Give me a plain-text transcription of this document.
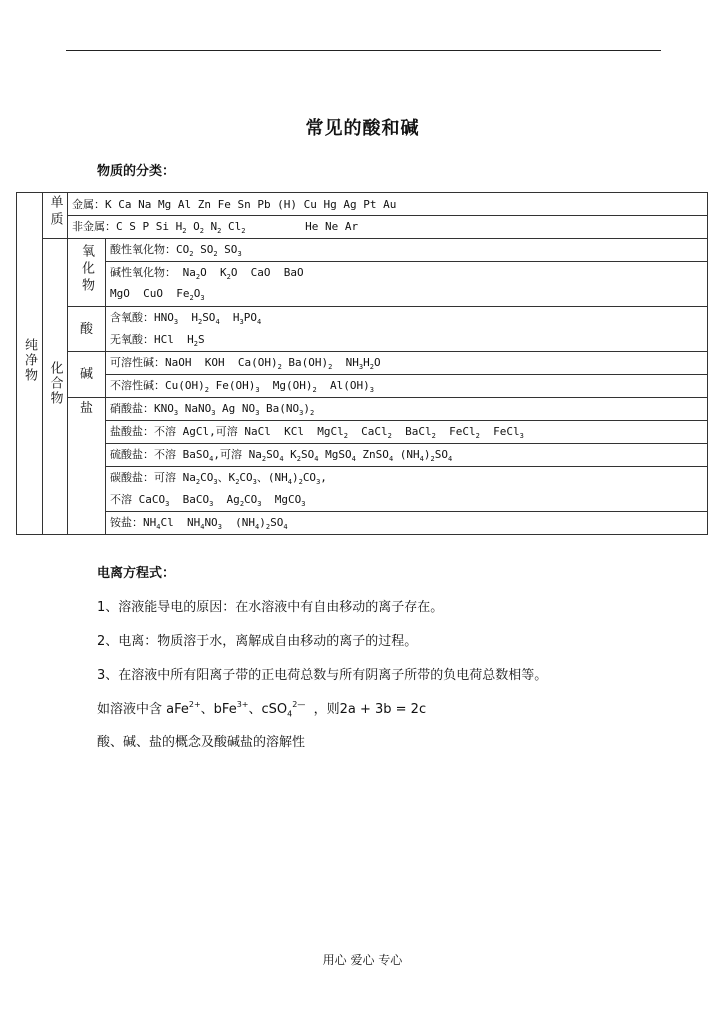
常见的酸和碱
物质的分类：
纯净物	单质	金属：K Ca Na Mg Al Zn Fe Sn Pb (H) Cu Hg Ag Pt Au	
		非金属：C S P Si $H_2$ $O_2$ $N_2$ $Cl_2$ He Ne Ar	
	化合物	氧化物	酸性氧化物：$CO_2$ $SO_2$ $SO_3$
			碱性氧化物： $Na_2O$  $K_2O$  CaO  BaO
			MgO  CuO  $Fe_2O_3$
		酸	含氧酸：$HNO_3$  $H_2SO_4$  $H_3PO_4$
			无氧酸：HCl  $H_2S$
		碱	可溶性碱：NaOH  KOH  $Ca(OH)_2$ $Ba(OH)_2$  $NH_3H_2O$
			不溶性碱：$Cu(OH)_2$ $Fe(OH)_3$  $Mg(OH)_2$  $Al(OH)_3$
		盐	硝酸盐：$KNO_3$ NaNO$_3$ Ag $NO_3$ $Ba(NO_3)_2$
			盐酸盐：不溶 AgCl,可溶 NaCl  KCl  MgCl$_2$  CaCl$_2$  BaCl$_2$  FeCl$_2$  FeCl$_3$
			硫酸盐：不溶 BaSO$_4$,可溶 $Na_2SO_4$ $K_2SO_4$ MgSO$_4$ ZnSO$_4$ $(NH_4)_2SO_4$
			碳酸盐：可溶 $Na_2CO_3$、$K_2CO_3$、$(NH_4)_2CO_3$,
			不溶 CaCO$_3$  BaCO$_3$  $Ag_2CO_3$  MgCO$_3$
			铵盐：$NH_4Cl$  $NH_4NO_3$  $(NH_4)_2SO_4$
电离方程式：
1、溶液能导电的原因：在水溶液中有自由移动的离子存在。
2、电离：物质溶于水，离解成自由移动的离子的过程。
3、在溶液中所有阳离子带的正电荷总数与所有阴离子所带的负电荷总数相等。
如溶液中含 aFe$^{2+}$、bFe$^{3+}$、cSO$_4^{2—}$ ，则2a + 3b = 2c
酸、碱、盐的概念及酸碱盐的溶解性
用心 爱心 专心
